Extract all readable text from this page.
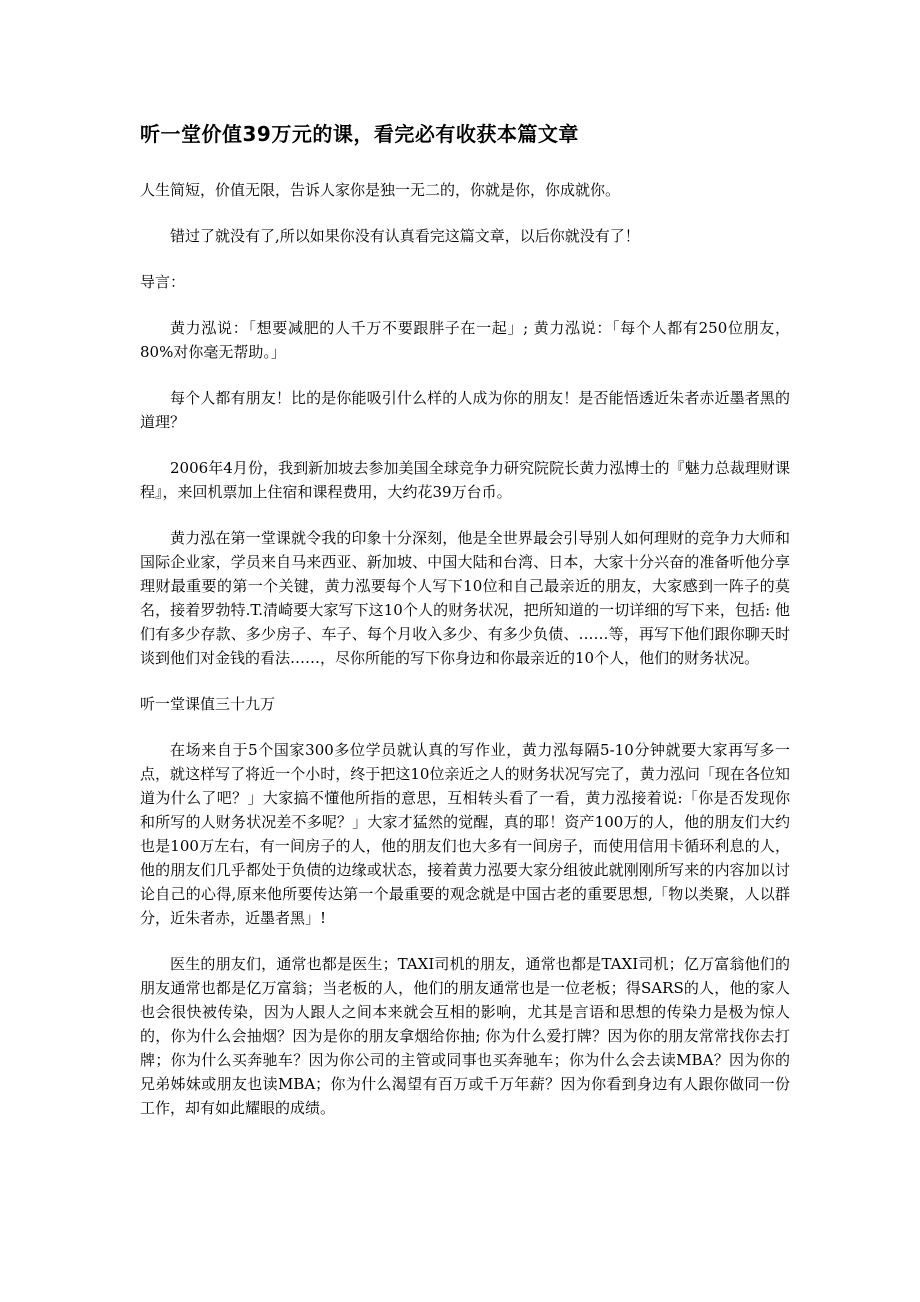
听一堂价值39万元的课，看完必有收获本篇文章

人生简短，价值无限，告诉人家你是独一无二的，你就是你，你成就你。

错过了就没有了,所以如果你没有认真看完这篇文章，以后你就没有了！

导言：

黄力泓说：「想要减肥的人千万不要跟胖子在一起」; 黄力泓说：「每个人都有250位朋友，80%对你毫无帮助。」

每个人都有朋友！比的是你能吸引什么样的人成为你的朋友！是否能悟透近朱者赤近墨者黑的道理？

2006年4月份，我到新加坡去参加美国全球竞争力研究院院长黄力泓博士的『魅力总裁理财课程』，来回机票加上住宿和课程费用，大约花39万台币。

黄力泓在第一堂课就令我的印象十分深刻，他是全世界最会引导别人如何理财的竞争力大师和国际企业家，学员来自马来西亚、新加坡、中国大陆和台湾、日本，大家十分兴奋的准备听他分享理财最重要的第一个关键，黄力泓要每个人写下10位和自己最亲近的朋友，大家感到一阵子的莫名，接着罗勃特.T.清崎要大家写下这10个人的财务状况，把所知道的一切详细的写下来，包括: 他们有多少存款、多少房子、车子、每个月收入多少、有多少负债、……等，再写下他们跟你聊天时谈到他们对金钱的看法……，尽你所能的写下你身边和你最亲近的10个人，他们的财务状况。

听一堂课值三十九万

在场来自于5个国家300多位学员就认真的写作业，黄力泓每隔5-10分钟就要大家再写多一点，就这样写了将近一个小时，终于把这10位亲近之人的财务状况写完了，黄力泓问「现在各位知道为什么了吧？」大家搞不懂他所指的意思，互相转头看了一看，黄力泓接着说:「你是否发现你和所写的人财务状况差不多呢？」大家才猛然的觉醒，真的耶！资产100万的人，他的朋友们大约也是100万左右，有一间房子的人，他的朋友们也大多有一间房子，而使用信用卡循环利息的人，他的朋友们几乎都处于负债的边缘或状态，接着黄力泓要大家分组彼此就刚刚所写来的内容加以讨论自己的心得,原来他所要传达第一个最重要的观念就是中国古老的重要思想,「物以类聚，人以群分，近朱者赤，近墨者黑」!

医生的朋友们，通常也都是医生；TAXI司机的朋友，通常也都是TAXI司机；亿万富翁他们的朋友通常也都是亿万富翁；当老板的人，他们的朋友通常也是一位老板；得SARS的人，他的家人也会很快被传染，因为人跟人之间本来就会互相的影响，尤其是言语和思想的传染力是极为惊人的，你为什么会抽烟？因为是你的朋友拿烟给你抽; 你为什么爱打牌？因为你的朋友常常找你去打牌；你为什么买奔驰车？因为你公司的主管或同事也买奔驰车；你为什么会去读MBA？因为你的兄弟姊妹或朋友也读MBA；你为什么渴望有百万或千万年薪？因为你看到身边有人跟你做同一份工作，却有如此耀眼的成绩。
